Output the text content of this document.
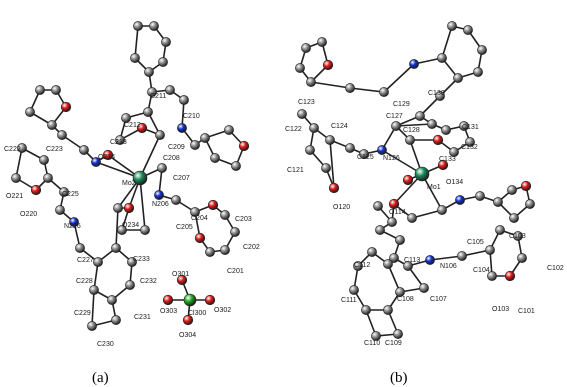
C211
C210
C212
C213
C209
O214	C208
C207
Mo2
N206
C222	C223
C225
O221
O220
N226	O234
C204
C205
C203
C202
C201
C227	C233
C232
C228
C229
C231
C230
O301
O303 Cl300 O302
O304
C123
C130
C122	C124
C129
C127
C131
C128
C132
C121
C125 N126	C133
O120
Mo1
O134
O114
C105
C103
C112
C113
N106
C104	C102
C111	C108 C107
O103 C101
C110 C109
(a)	(b)
